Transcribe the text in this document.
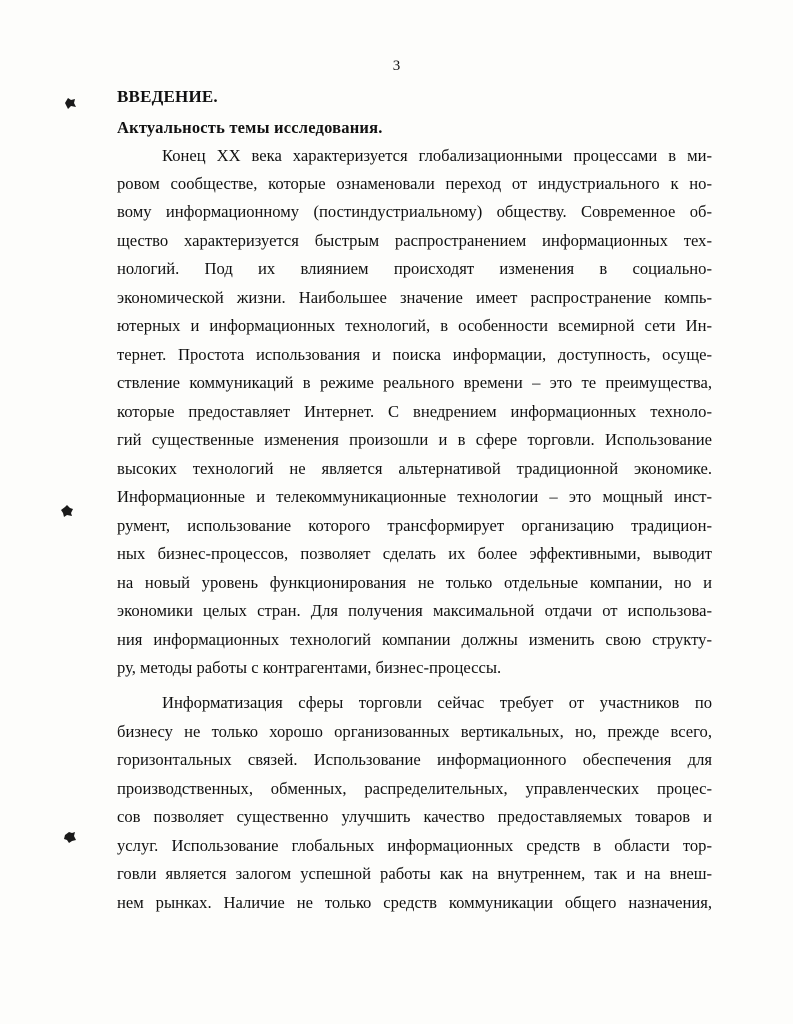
3
ВВЕДЕНИЕ.
Актуальность темы исследования.
Конец XX века характеризуется глобализационными процессами в ми-
ровом сообществе, которые ознаменовали переход от индустриального к но-
вому информационному (постиндустриальному) обществу. Современное об-
щество характеризуется быстрым распространением информационных тех-
нологий. Под их влиянием происходят изменения в социально-
экономической жизни. Наибольшее значение имеет распространение компь-
ютерных и информационных технологий, в особенности всемирной сети Ин-
тернет. Простота использования и поиска информации, доступность, осуще-
ствление коммуникаций в режиме реального времени – это те преимущества,
которые предоставляет Интернет. С внедрением информационных техноло-
гий существенные изменения произошли и в сфере торговли. Использование
высоких технологий не является альтернативой традиционной экономике.
Информационные и телекоммуникационные технологии – это мощный инст-
румент, использование которого трансформирует организацию традицион-
ных бизнес-процессов, позволяет сделать их более эффективными, выводит
на новый уровень функционирования не только отдельные компании, но и
экономики целых стран. Для получения максимальной отдачи от использова-
ния информационных технологий компании должны изменить свою структу-
ру, методы работы с контрагентами, бизнес-процессы.
Информатизация сферы торговли сейчас требует от участников по
бизнесу не только хорошо организованных вертикальных, но, прежде всего,
горизонтальных связей. Использование информационного обеспечения для
производственных, обменных, распределительных, управленческих процес-
сов позволяет существенно улучшить качество предоставляемых товаров и
услуг. Использование глобальных информационных средств в области тор-
говли является залогом успешной работы как на внутреннем, так и на внеш-
нем рынках. Наличие не только средств коммуникации общего назначения,
